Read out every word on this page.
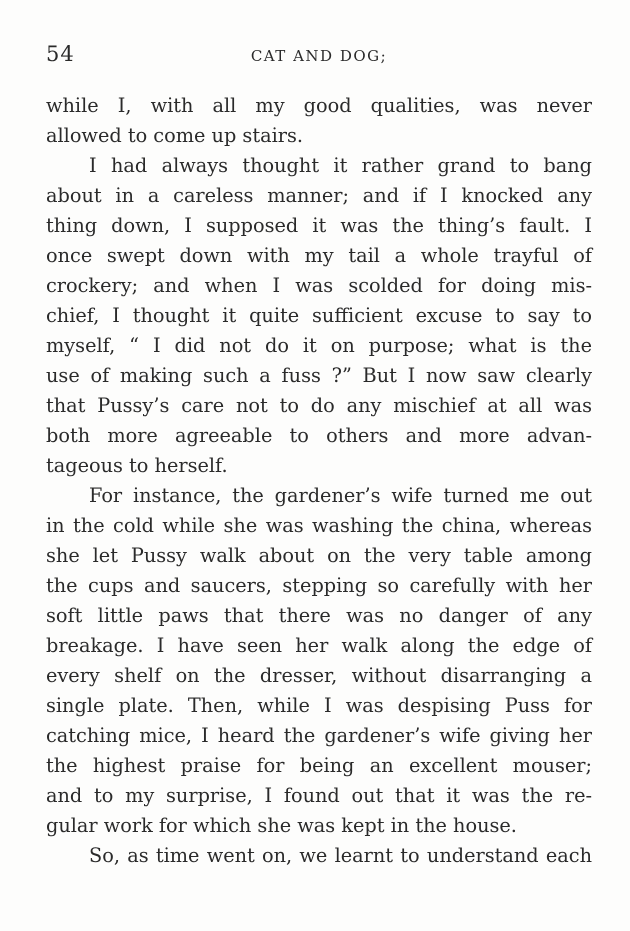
54	CAT AND DOG;
while I, with all my good qualities, was never
allowed to come up stairs.
I had always thought it rather grand to bang
about in a careless manner; and if I knocked any
thing down, I supposed it was the thing’s fault. I
once swept down with my tail a whole trayful of
crockery; and when I was scolded for doing mis-
chief, I thought it quite sufficient excuse to say to
myself, “ I did not do it on purpose; what is the
use of making such a fuss ?” But I now saw clearly
that Pussy’s care not to do any mischief at all was
both more agreeable to others and more advan-
tageous to herself.
For instance, the gardener’s wife turned me out
in the cold while she was washing the china, whereas
she let Pussy walk about on the very table among
the cups and saucers, stepping so carefully with her
soft little paws that there was no danger of any
breakage. I have seen her walk along the edge of
every shelf on the dresser, without disarranging a
single plate. Then, while I was despising Puss for
catching mice, I heard the gardener’s wife giving her
the highest praise for being an excellent mouser;
and to my surprise, I found out that it was the re-
gular work for which she was kept in the house.
So, as time went on, we learnt to understand each
